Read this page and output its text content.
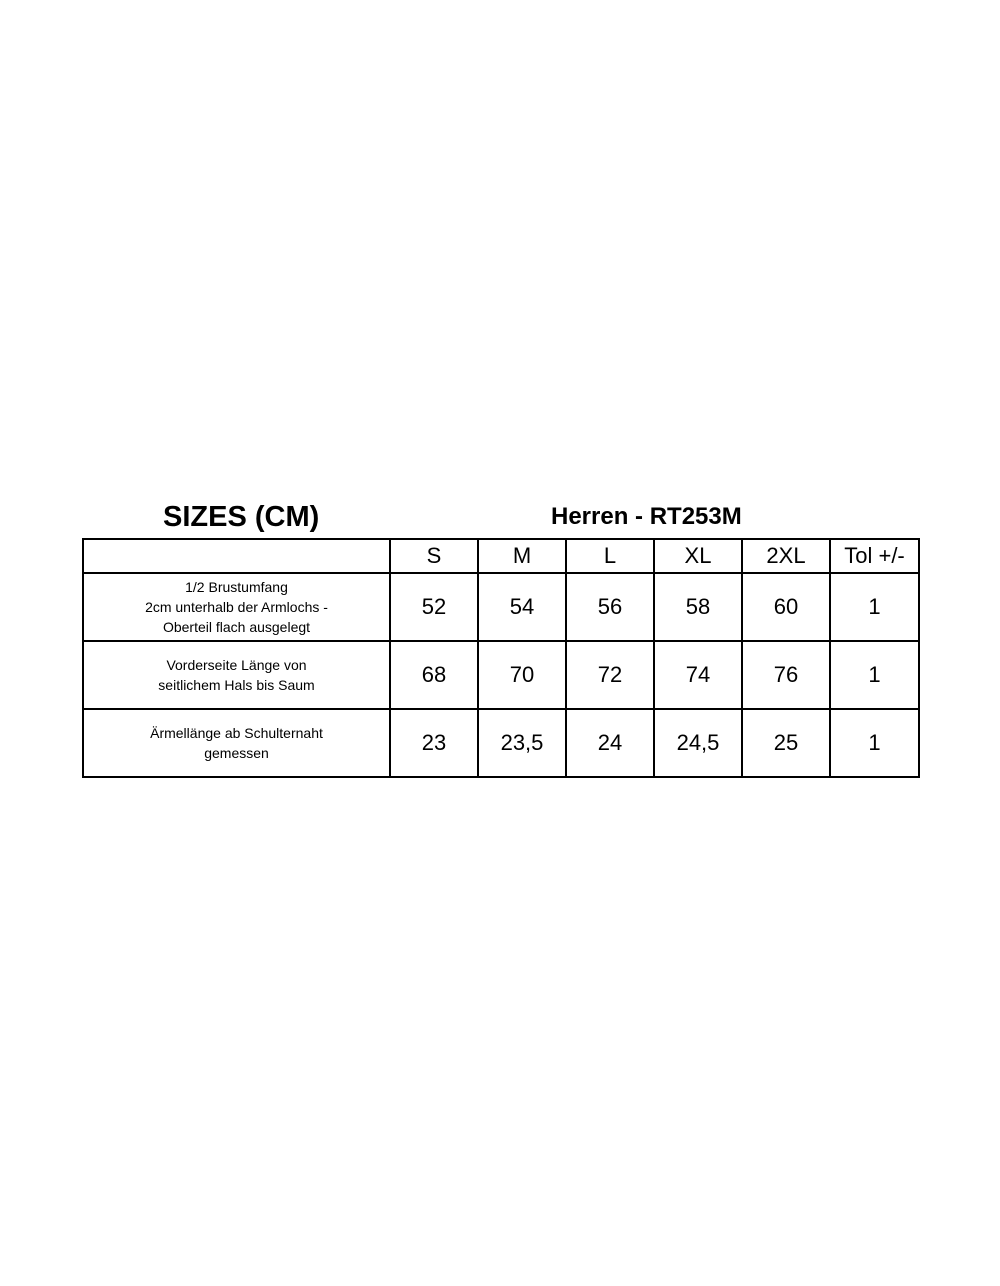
SIZES (CM)	Herren - RT253M
	S	M	L	XL	2XL	Tol +/-

1/2 Brustumfang
2cm unterhalb der Armlochs -
Oberteil flach ausgelegt	52	54	56	58	60	1

Vorderseite Länge von
seitlichem Hals bis Saum	68	70	72	74	76	1

Ärmellänge ab Schulternaht
gemessen	23	23,5	24	24,5	25	1
